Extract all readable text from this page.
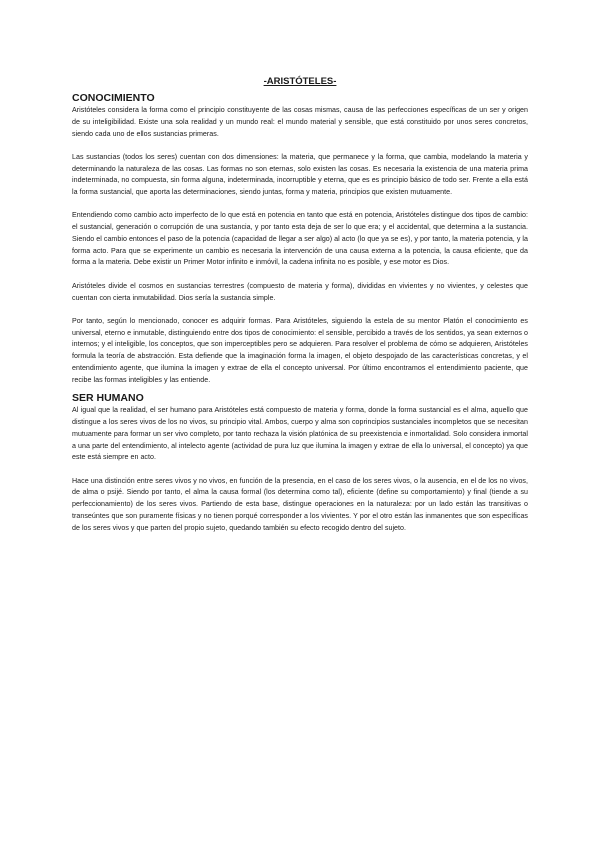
-ARISTÓTELES-
CONOCIMIENTO

Aristóteles considera la forma como el principio constituyente de las cosas mismas, causa de las perfecciones específicas de un ser y origen de su inteligibilidad. Existe una sola realidad y un mundo real: el mundo material y sensible, que está constituido por unos seres concretos, siendo cada uno de ellos sustancias primeras.

Las sustancias (todos los seres) cuentan con dos dimensiones: la materia, que permanece y la forma, que cambia, modelando la materia y determinando la naturaleza de las cosas. Las formas no son eternas, solo existen las cosas. Es necesaria la existencia de una materia prima indeterminada, no compuesta, sin forma alguna, indeterminada, incorruptible y eterna, que es es principio básico de todo ser. Frente a ella está la forma sustancial, que aporta las determinaciones, siendo juntas, forma y materia, principios que existen mutuamente.

Entendiendo como cambio acto imperfecto de lo que está en potencia en tanto que está en potencia, Aristóteles distingue dos tipos de cambio: el sustancial, generación o corrupción de una sustancia, y por tanto esta deja de ser lo que era; y el accidental, que determina a la sustancia. Siendo el cambio entonces el paso de la potencia (capacidad de llegar a ser algo) al acto (lo que ya se es), y por tanto, la materia potencia, y la forma acto. Para que se experimente un cambio es necesaria la intervención de una causa externa a la potencia, la causa eficiente, que da forma a la materia. Debe existir un Primer Motor infinito e inmóvil, la cadena infinita no es posible, y ese motor es Dios.

Aristóteles divide el cosmos en sustancias terrestres (compuesto de materia y forma), divididas en vivientes y no vivientes, y celestes que cuentan con cierta inmutabilidad. Dios sería la sustancia simple.

Por tanto, según lo mencionado, conocer es adquirir formas. Para Aristóteles, siguiendo la estela de su mentor Platón el conocimiento es universal, eterno e inmutable, distinguiendo entre dos tipos de conocimiento: el sensible, percibido a través de los sentidos, ya sean externos o internos; y el inteligible, los conceptos, que son imperceptibles pero se adquieren. Para resolver el problema de cómo se adquieren, Aristóteles formula la teoría de abstracción. Esta defiende que la imaginación forma la imagen, el objeto despojado de las características concretas, y el entendimiento agente, que ilumina la imagen y extrae de ella el concepto universal. Por último encontramos el entendimiento paciente, que recibe las formas inteligibles y las entiende.

SER HUMANO

Al igual que la realidad, el ser humano para Aristóteles está compuesto de materia y forma, donde la forma sustancial es el alma, aquello que distingue a los seres vivos de los no vivos, su principio vital. Ambos, cuerpo y alma son coprincipios sustanciales incompletos que se necesitan mutuamente para formar un ser vivo completo, por tanto rechaza la visión platónica de su preexistencia e inmortalidad. Solo considera inmortal a una parte del entendimiento, al intelecto agente (actividad de pura luz que ilumina la imagen y extrae de ella lo universal, el concepto) ya que este está siempre en acto.

Hace una distinción entre seres vivos y no vivos, en función de la presencia, en el caso de los seres vivos, o la ausencia, en el de los no vivos, de alma o psijé. Siendo por tanto, el alma la causa formal (los determina como tal), eficiente (define su comportamiento) y final (tiende a su perfeccionamiento) de los seres vivos. Partiendo de esta base, distingue operaciones en la naturaleza: por un lado están las transitivas o transeúntes que son puramente físicas y no tienen porqué corresponder a los vivientes. Y por el otro están las inmanentes que son específicas de los seres vivos y que parten del propio sujeto, quedando también su efecto recogido dentro del sujeto.
